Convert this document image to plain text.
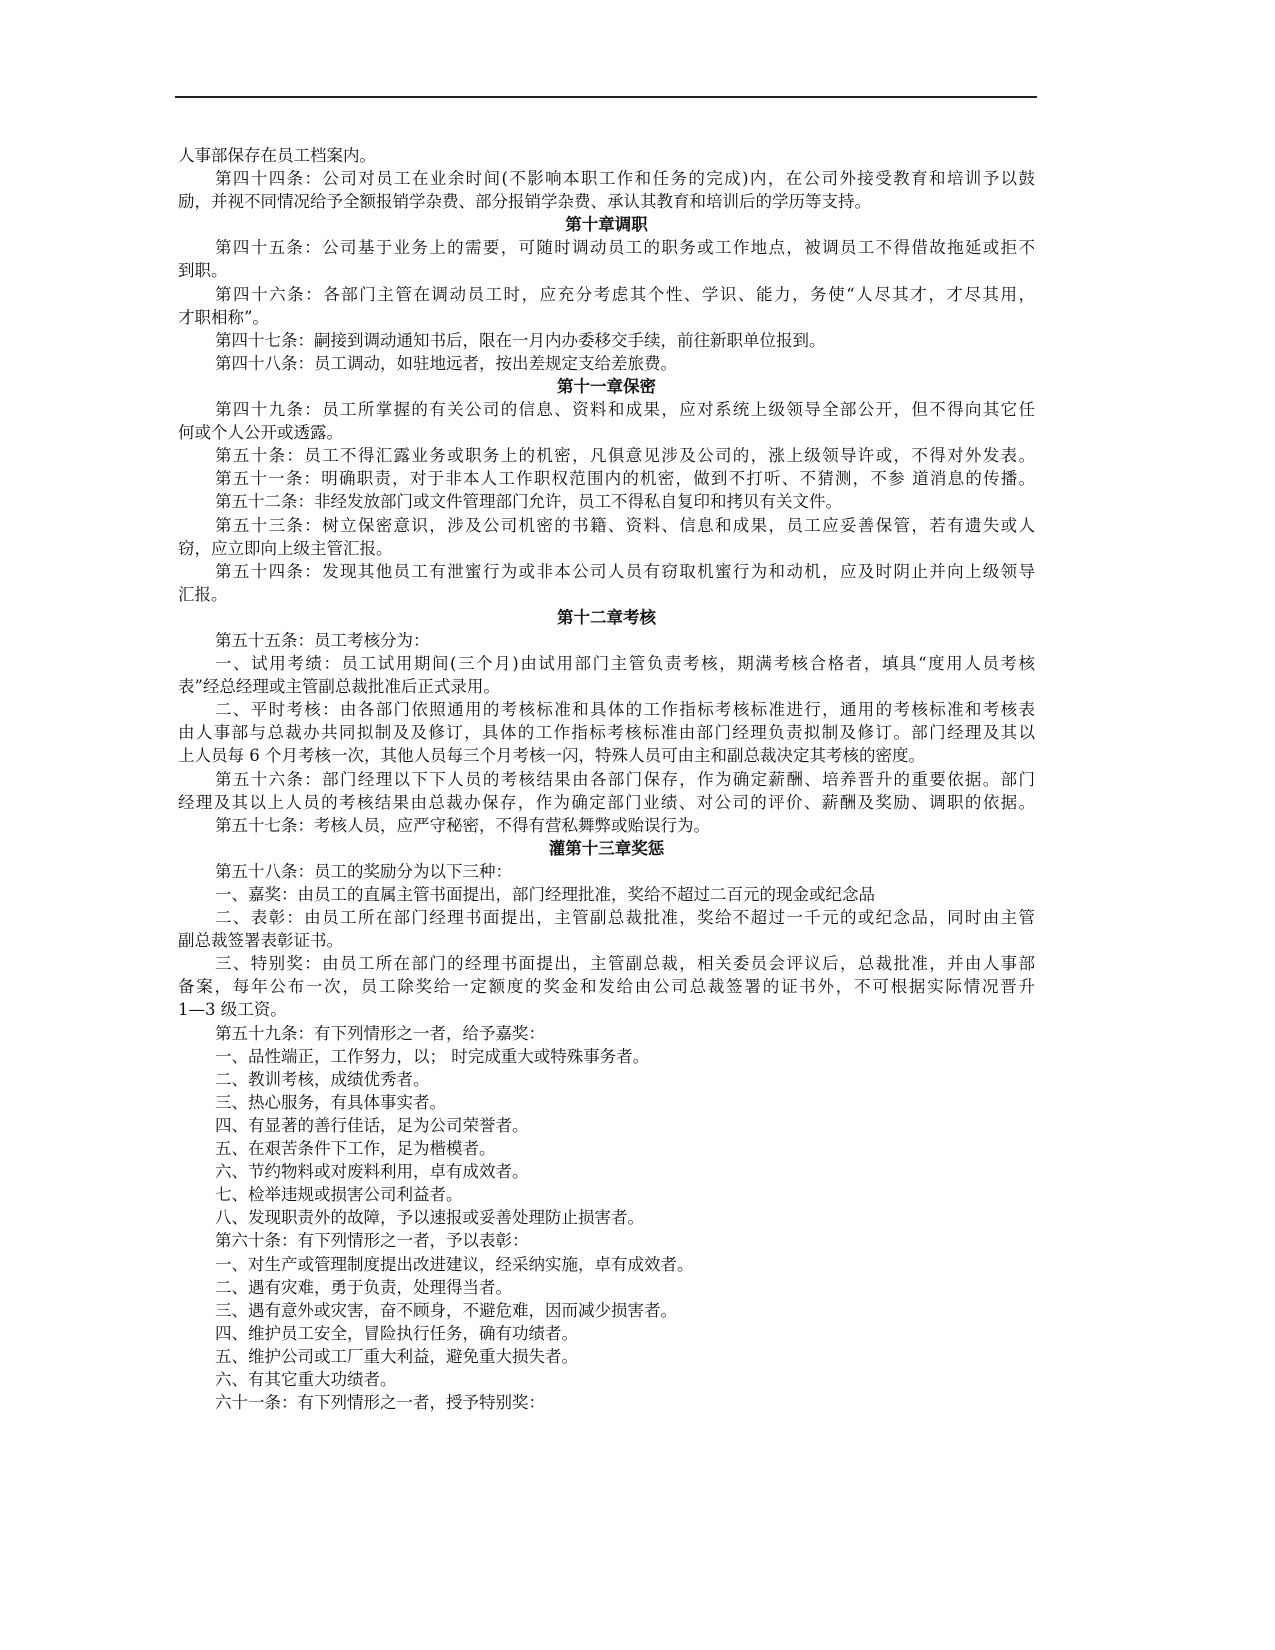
人事部保存在员工档案内。
第四十四条：公司对员工在业余时间(不影响本职工作和任务的完成)内，在公司外接受教育和培训予以鼓
励，并视不同情况给予全额报销学杂费、部分报销学杂费、承认其教育和培训后的学历等支持。
第十章调职
第四十五条：公司基于业务上的需要，可随时调动员工的职务或工作地点，被调员工不得借故拖延或拒不
到职。
第四十六条：各部门主管在调动员工时，应充分考虑其个性、学识、能力，务使“人尽其才，才尽其用，
才职相称”。
第四十七条：嗣接到调动通知书后，限在一月内办委移交手续，前往新职单位报到。
第四十八条：员工调动，如驻地远者，按出差规定支给差旅费。
第十一章保密
第四十九条：员工所掌握的有关公司的信息、资料和成果，应对系统上级领导全部公开，但不得向其它任
何或个人公开或透露。
第五十条：员工不得汇露业务或职务上的机密，凡俱意见涉及公司的，涨上级领导许或，不得对外发表。
第五十一条：明确职责，对于非本人工作职权范围内的机密，做到不打听、不猜测，不参 道消息的传播。
第五十二条：非经发放部门或文件管理部门允许，员工不得私自复印和拷贝有关文件。
第五十三条：树立保密意识，涉及公司机密的书籍、资料、信息和成果，员工应妥善保管，若有遗失或人
窃，应立即向上级主管汇报。
第五十四条：发现其他员工有泄蜜行为或非本公司人员有窃取机蜜行为和动机，应及时阴止并向上级领导
汇报。
第十二章考核
第五十五条：员工考核分为：
一、试用考绩：员工试用期间(三个月)由试用部门主管负责考核，期满考核合格者，填具“度用人员考核
表”经总经理或主管副总裁批准后正式录用。
二、平时考核：由各部门依照通用的考核标准和具体的工作指标考核标准进行，通用的考核标准和考核表
由人事部与总裁办共同拟制及及修订，具体的工作指标考核标准由部门经理负责拟制及修订。部门经理及其以
上人员每 6 个月考核一次，其他人员每三个月考核一闪，特殊人员可由主和副总裁决定其考核的密度。
第五十六条：部门经理以下下人员的考核结果由各部门保存，作为确定薪酬、培养晋升的重要依据。部门
经理及其以上人员的考核结果由总裁办保存，作为确定部门业绩、对公司的评价、薪酬及奖励、调职的依据。
第五十七条：考核人员，应严守秘密，不得有营私舞弊或贻误行为。
灌第十三章奖惩
第五十八条：员工的奖励分为以下三种：
一、嘉奖：由员工的直属主管书面提出，部门经理批准，奖给不超过二百元的现金或纪念品
二、表彰：由员工所在部门经理书面提出，主管副总裁批准，奖给不超过一千元的或纪念品，同时由主管
副总裁签署表彰证书。
三、特别奖：由员工所在部门的经理书面提出，主管副总裁，相关委员会评议后，总裁批准，并由人事部
备案，每年公布一次，员工除奖给一定额度的奖金和发给由公司总裁签署的证书外，不可根据实际情况晋升
1—3 级工资。
第五十九条：有下列情形之一者，给予嘉奖：
一、品性端正，工作努力，以； 时完成重大或特殊事务者。
二、教训考核，成绩优秀者。
三、热心服务，有具体事实者。
四、有显著的善行佳话，足为公司荣誉者。
五、在艰苦条件下工作，足为楷模者。
六、节约物料或对废料利用，卓有成效者。
七、检举违规或损害公司利益者。
八、发现职责外的故障，予以速报或妥善处理防止损害者。
第六十条：有下列情形之一者，予以表彰：
一、对生产或管理制度提出改进建议，经采纳实施，卓有成效者。
二、遇有灾难，勇于负责，处理得当者。
三、遇有意外或灾害，奋不顾身，不避危难，因而减少损害者。
四、维护员工安全，冒险执行任务，确有功绩者。
五、维护公司或工厂重大利益，避免重大损失者。
六、有其它重大功绩者。
六十一条：有下列情形之一者，授予特别奖：
